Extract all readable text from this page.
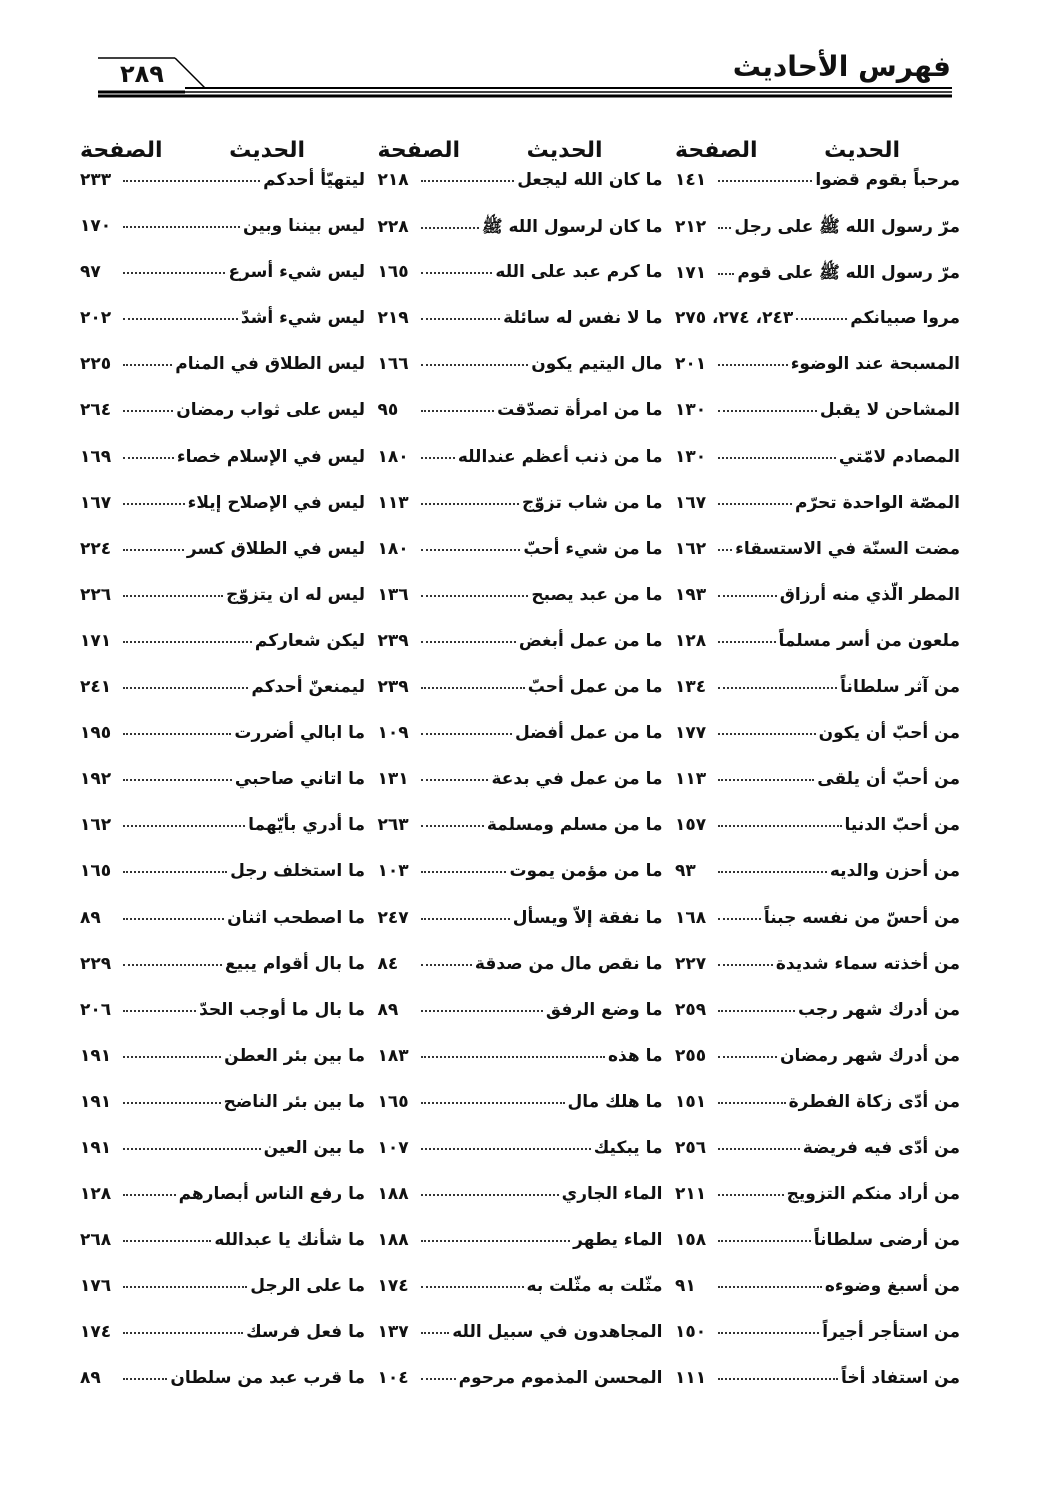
فهرس الأحاديث
٢٨٩
الحديث
الصفحة
ليتهيّأ أحدكم
٢٣٣
ليس بيننا وبين
١٧٠
ليس شيء أسرع
٩٧
ليس شيء أشدّ
٢٠٢
ليس الطلاق في المنام
٢٢٥
ليس على ثواب رمضان
٢٦٤
ليس في الإسلام خصاء
١٦٩
ليس في الإصلاح إيلاء
١٦٧
ليس في الطلاق كسر
٢٢٤
ليس له ان يتزوّج
٢٢٦
ليكن شعاركم
١٧١
ليمنعنّ أحدكم
٢٤١
ما ابالي أضررت
١٩٥
ما اتاني صاحبي
١٩٢
ما أدري بأيّهما
١٦٢
ما استخلف رجل
١٦٥
ما اصطحب اثنان
٨٩
ما بال أقوام يبيع
٢٢٩
ما بال ما أوجب الحدّ
٢٠٦
ما بين بئر العطن
١٩١
ما بين بئر الناضح
١٩١
ما بين العين
١٩١
ما رفع الناس أبصارهم
١٢٨
ما شأنك يا عبدالله
٢٦٨
ما على الرجل
١٧٦
ما فعل فرسك
١٧٤
ما قرب عبد من سلطان
٨٩
الحديث
الصفحة
ما كان الله ليجعل
٢١٨
ما كان لرسول الله ﷺ
٢٢٨
ما كرم عبد على الله
١٦٥
ما لا نفس له سائلة
٢١٩
مال اليتيم يكون
١٦٦
ما من امرأة تصدّقت
٩٥
ما من ذنب أعظم عندالله
١٨٠
ما من شاب تزوّج
١١٣
ما من شيء أحبّ
١٨٠
ما من عبد يصبح
١٣٦
ما من عمل أبغض
٢٣٩
ما من عمل أحبّ
٢٣٩
ما من عمل أفضل
١٠٩
ما من عمل في بدعة
١٣١
ما من مسلم ومسلمة
٢٦٣
ما من مؤمن يموت
١٠٣
ما نفقة إلاّ ويسأل
٢٤٧
ما نقص مال من صدقة
٨٤
ما وضع الرفق
٨٩
ما هذه
١٨٣
ما هلك مال
١٦٥
ما يبكيك
١٠٧
الماء الجاري
١٨٨
الماء يطهر
١٨٨
مثّلت به مثّلت به
١٧٤
المجاهدون في سبيل الله
١٣٧
المحسن المذموم مرحوم
١٠٤
الحديث
الصفحة
مرحباً بقوم قضوا
١٤١
مرّ رسول الله ﷺ على رجل
٢١٢
مرّ رسول الله ﷺ على قوم
١٧١
مروا صبيانكم
٢٤٣، ٢٧٤، ٢٧٥
المسبحة عند الوضوء
٢٠١
المشاحن لا يقبل
١٣٠
المصادم لامّتي
١٣٠
المصّة الواحدة تحرّم
١٦٧
مضت السنّة في الاستسقاء
١٦٢
المطر الّذي منه أرزاق
١٩٣
ملعون من أسر مسلماً
١٢٨
من آثر سلطاناً
١٣٤
من أحبّ أن يكون
١٧٧
من أحبّ أن يلقى
١١٣
من أحبّ الدنيا
١٥٧
من أحزن والديه
٩٣
من أحسّ من نفسه جبناً
١٦٨
من أخذته سماء شديدة
٢٢٧
من أدرك شهر رجب
٢٥٩
من أدرك شهر رمضان
٢٥٥
من أدّى زكاة الفطرة
١٥١
من أدّى فيه فريضة
٢٥٦
من أراد منكم التزويج
٢١١
من أرضى سلطاناً
١٥٨
من أسبغ وضوءه
٩١
من استأجر أجيراً
١٥٠
من استفاد أخاً
١١١
